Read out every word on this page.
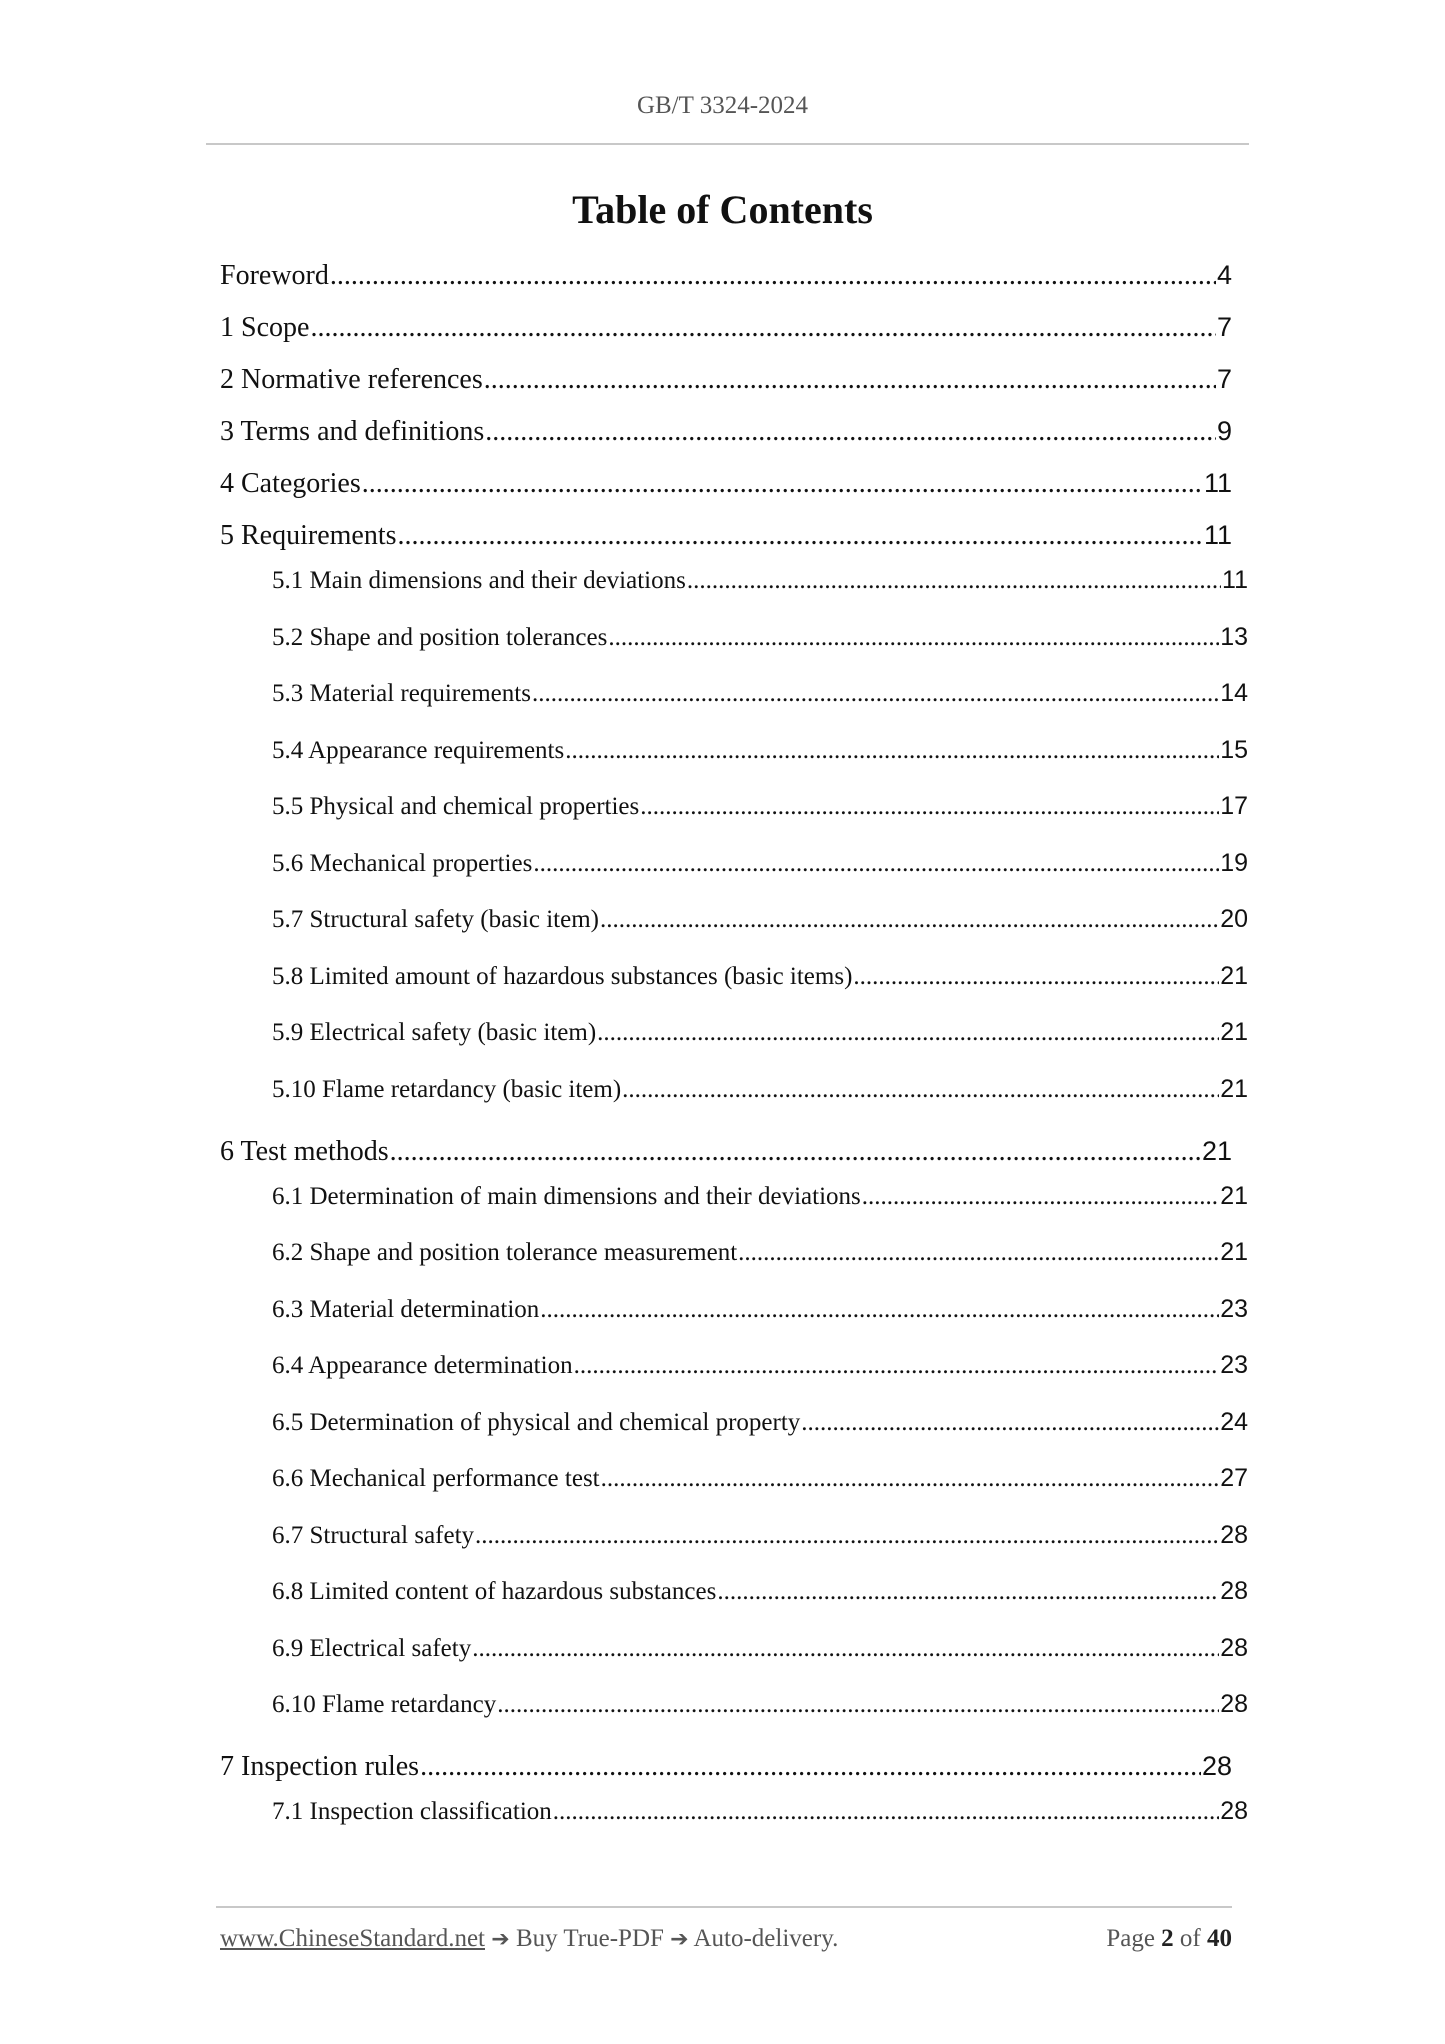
GB/T 3324-2024
Table of Contents
Foreword .....	4
1 Scope .....	7
2 Normative references .....	7
3 Terms and definitions .....	9
4 Categories .....	11
5 Requirements .....	11
5.1 Main dimensions and their deviations .....	11
5.2 Shape and position tolerances .....	13
5.3 Material requirements .....	14
5.4 Appearance requirements .....	15
5.5 Physical and chemical properties .....	17
5.6 Mechanical properties .....	19
5.7 Structural safety (basic item) .....	20
5.8 Limited amount of hazardous substances (basic items) .....	21
5.9 Electrical safety (basic item) .....	21
5.10 Flame retardancy (basic item) .....	21
6 Test methods .....	21
6.1 Determination of main dimensions and their deviations .....	21
6.2 Shape and position tolerance measurement .....	21
6.3 Material determination .....	23
6.4 Appearance determination .....	23
6.5 Determination of physical and chemical property .....	24
6.6 Mechanical performance test .....	27
6.7 Structural safety .....	28
6.8 Limited content of hazardous substances .....	28
6.9 Electrical safety .....	28
6.10 Flame retardancy .....	28
7 Inspection rules .....	28
7.1 Inspection classification .....	28
www.ChineseStandard.net ➔ Buy True-PDF ➔ Auto-delivery.	Page 2 of 40
